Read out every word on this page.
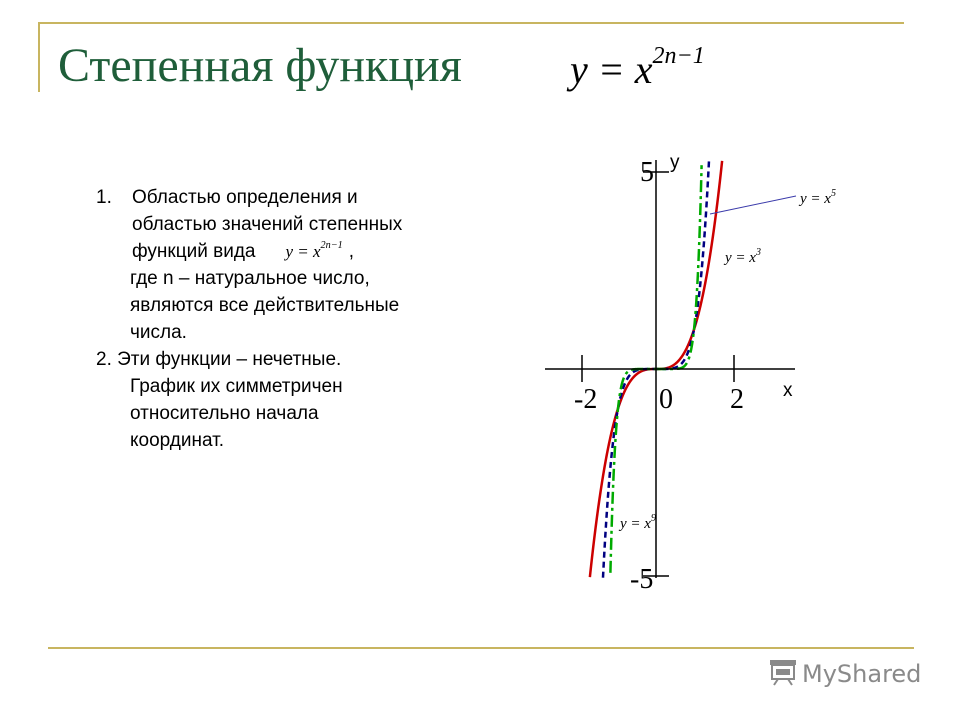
Степенная функция	$y = x^{2n-1}$
1. Областью определения и
областью значений степенных
функций вида $y = x^{2n-1}$ ,
где n – натуральное число,
являются все действительные
числа.
2. Эти функции – нечетные.
График их симметричен
относительно начала
координат.
-2 0 2
5
-5
y
x
$y = x^5$
$y = x^3$
$y = x^9$
MyShared
